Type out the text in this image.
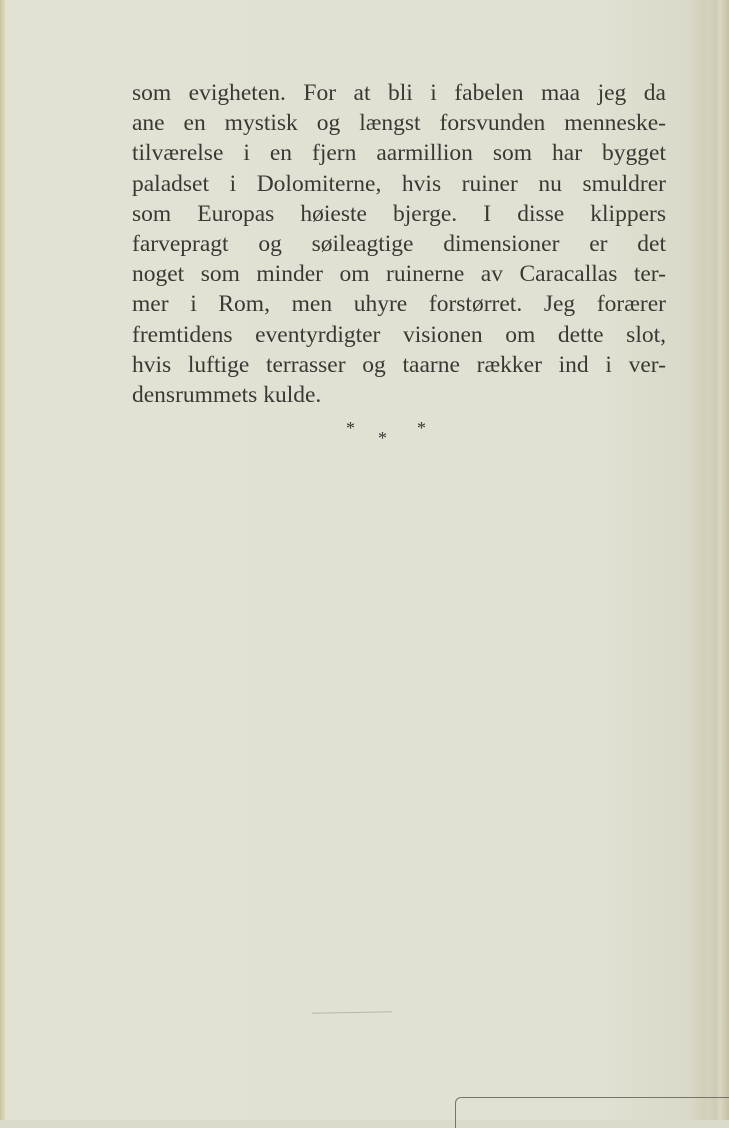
som evigheten. For at bli i fabelen maa jeg da
ane en mystisk og længst forsvunden menneske-
tilværelse i en fjern aarmillion som har bygget
paladset i Dolomiterne, hvis ruiner nu smuldrer
som Europas høieste bjerge. I disse klippers
farvepragt og søileagtige dimensioner er det
noget som minder om ruinerne av Caracallas ter-
mer i Rom, men uhyre forstørret. Jeg forærer
fremtidens eventyrdigter visionen om dette slot,
hvis luftige terrasser og taarne rækker ind i ver-
densrummets kulde.
* * *
